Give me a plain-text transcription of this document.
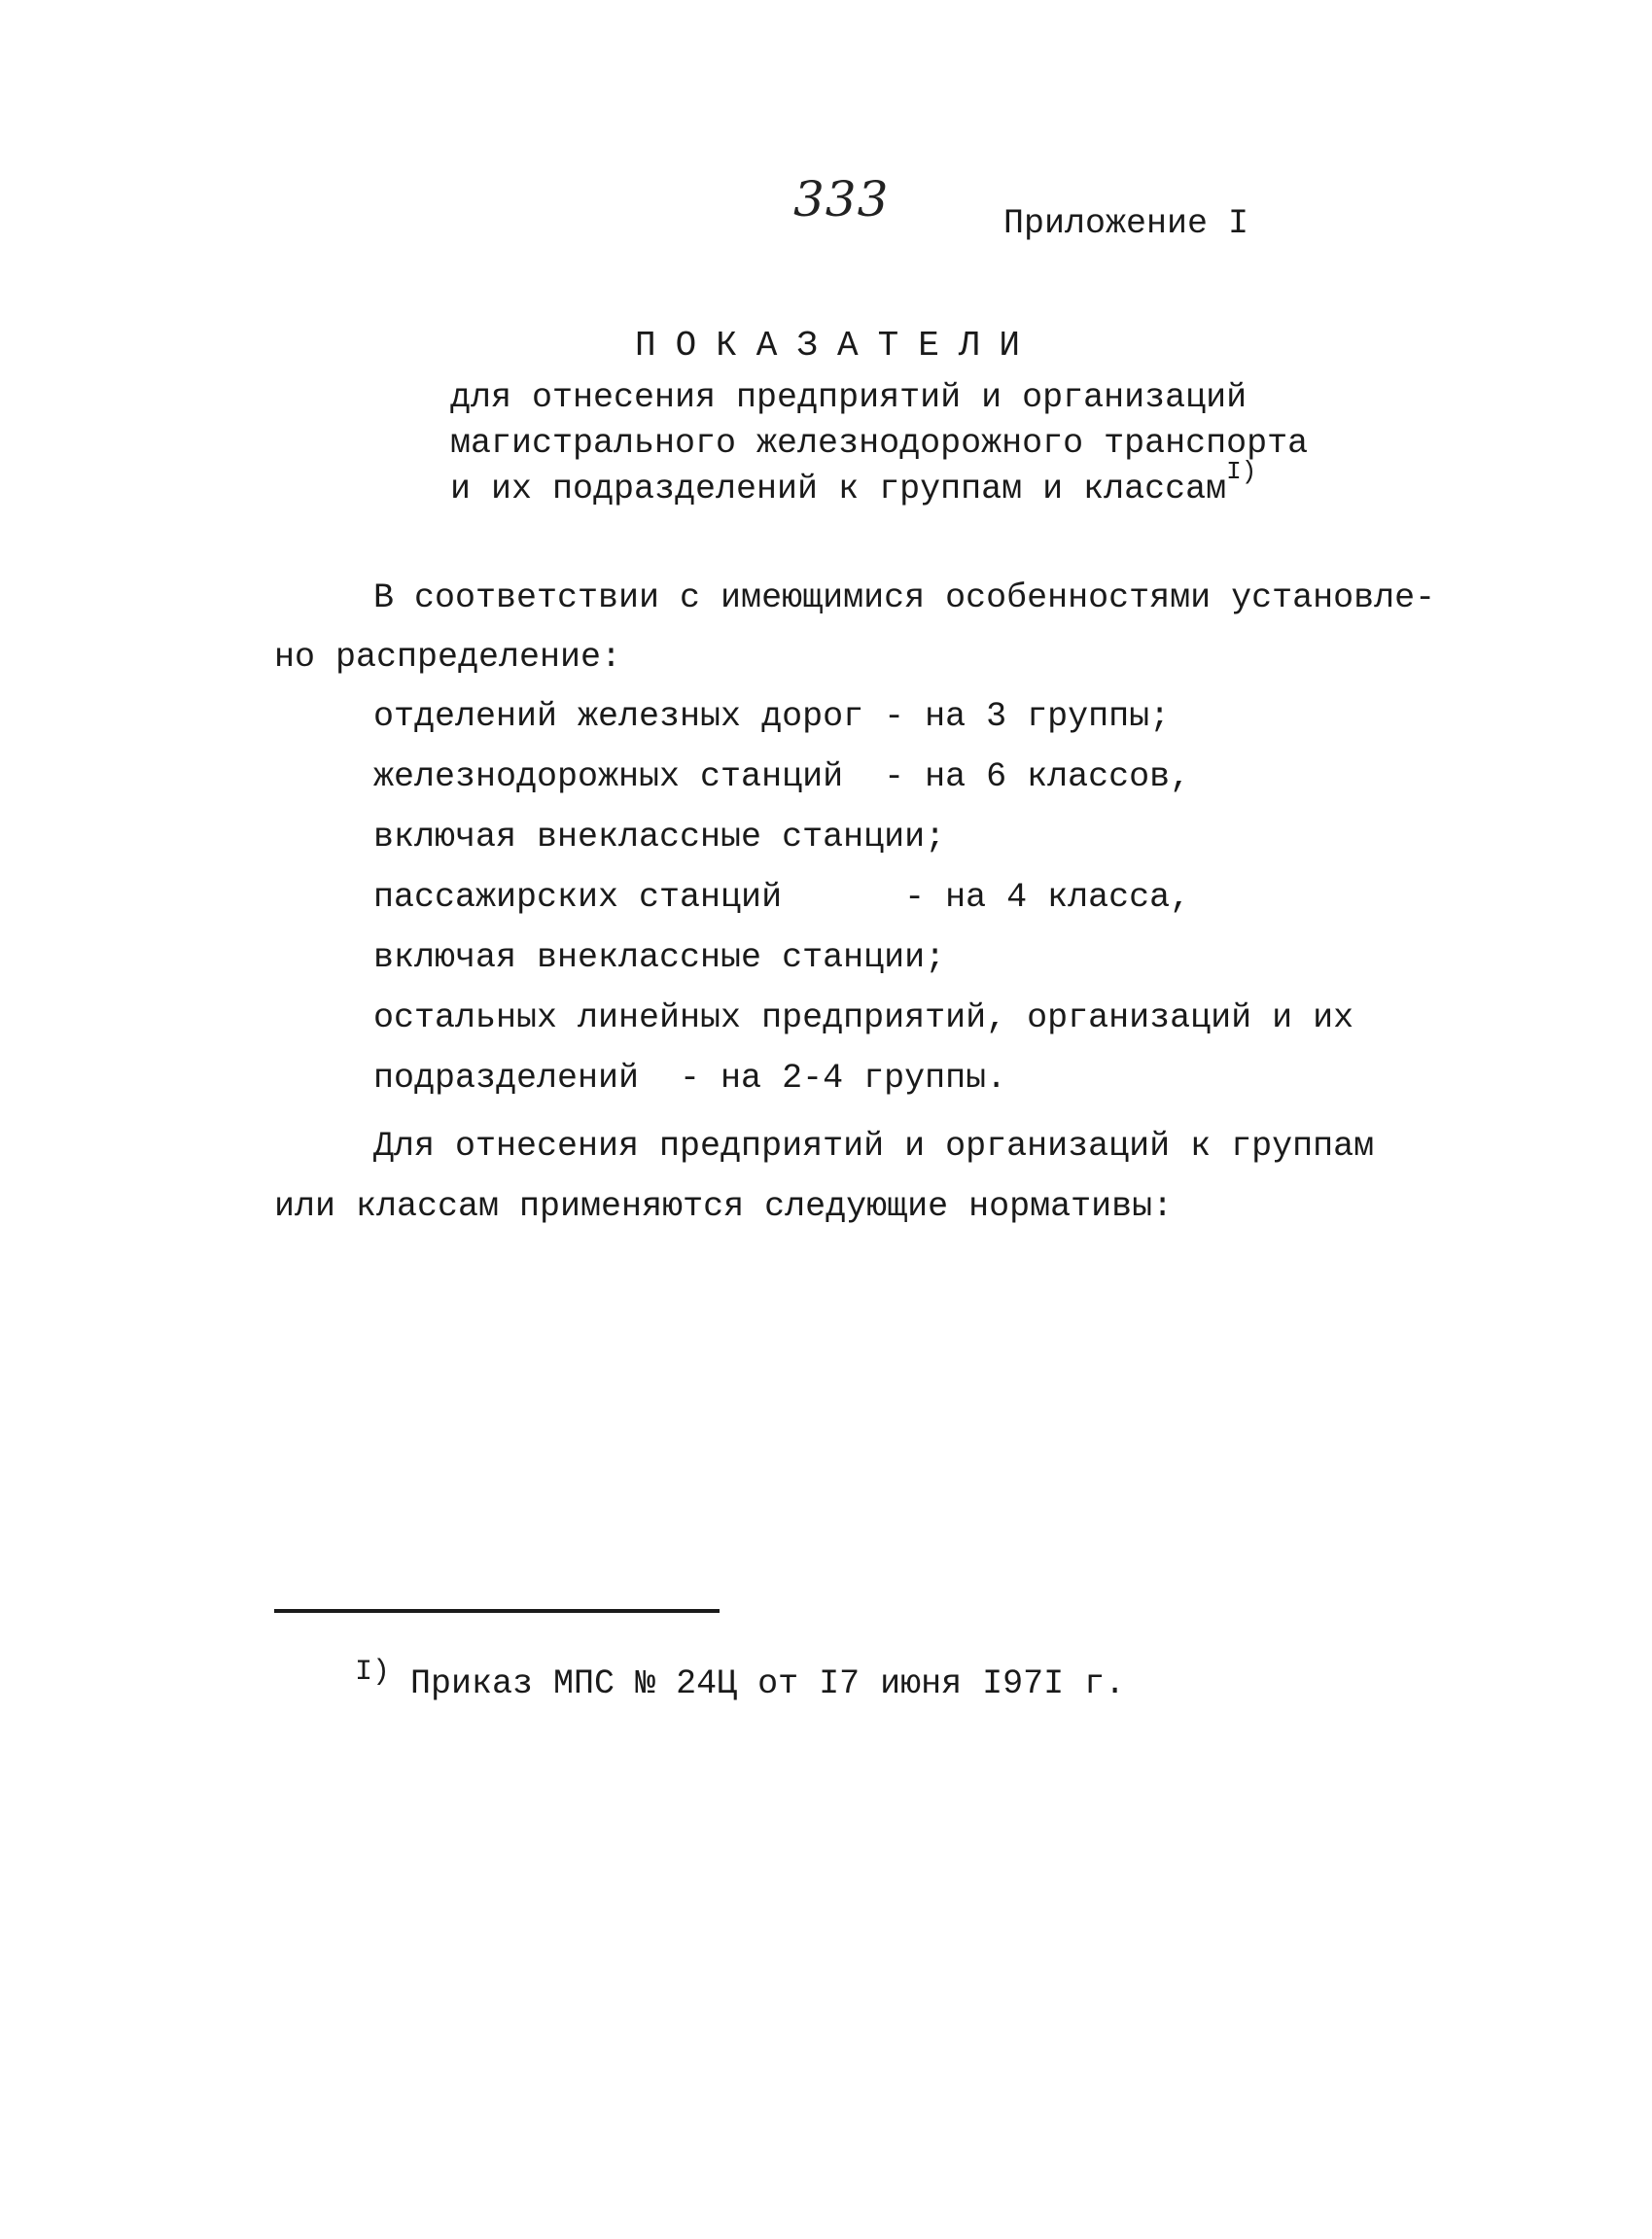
333	Приложение I
ПОКАЗАТЕЛИ
для отнесения предприятий и организаций
магистрального железнодорожного транспорта
и их подразделений к группам и классам$^{I)}$
В соответствии с имеющимися особенностями установле-
но распределение:
отделений железных дорог - на 3 группы;
железнодорожных станций  - на 6 классов,
включая внеклассные станции;
пассажирских станций      - на 4 класса,
включая внеклассные станции;
остальных линейных предприятий, организаций и их
подразделений  - на 2-4 группы.
Для отнесения предприятий и организаций к группам
или классам применяются следующие нормативы:
I) Приказ МПС № 24Ц от I7 июня I97I г.
